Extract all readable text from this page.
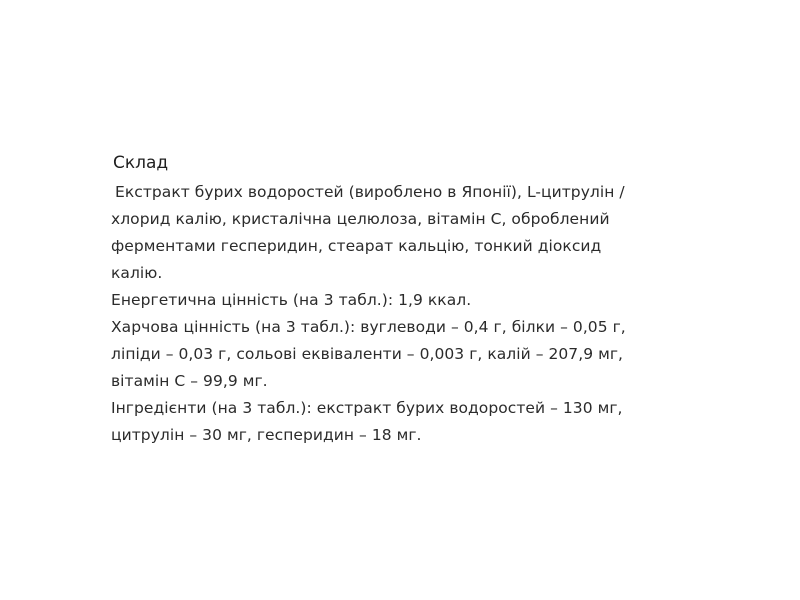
Склад
Екстракт бурих водоростей (вироблено в Японії), L-цитрулін /
хлорид калію, кристалічна целюлоза, вітамін C, оброблений
ферментами гесперидин, стеарат кальцію, тонкий діоксид
калію.
Енергетична цінність (на 3 табл.): 1,9 ккал.
Харчова цінність (на 3 табл.): вуглеводи – 0,4 г, білки – 0,05 г,
ліпіди – 0,03 г, сольові еквіваленти – 0,003 г, калій – 207,9 мг,
вітамін C – 99,9 мг.
Інгредієнти (на 3 табл.): екстракт бурих водоростей – 130 мг,
цитрулін – 30 мг, гесперидин – 18 мг.
